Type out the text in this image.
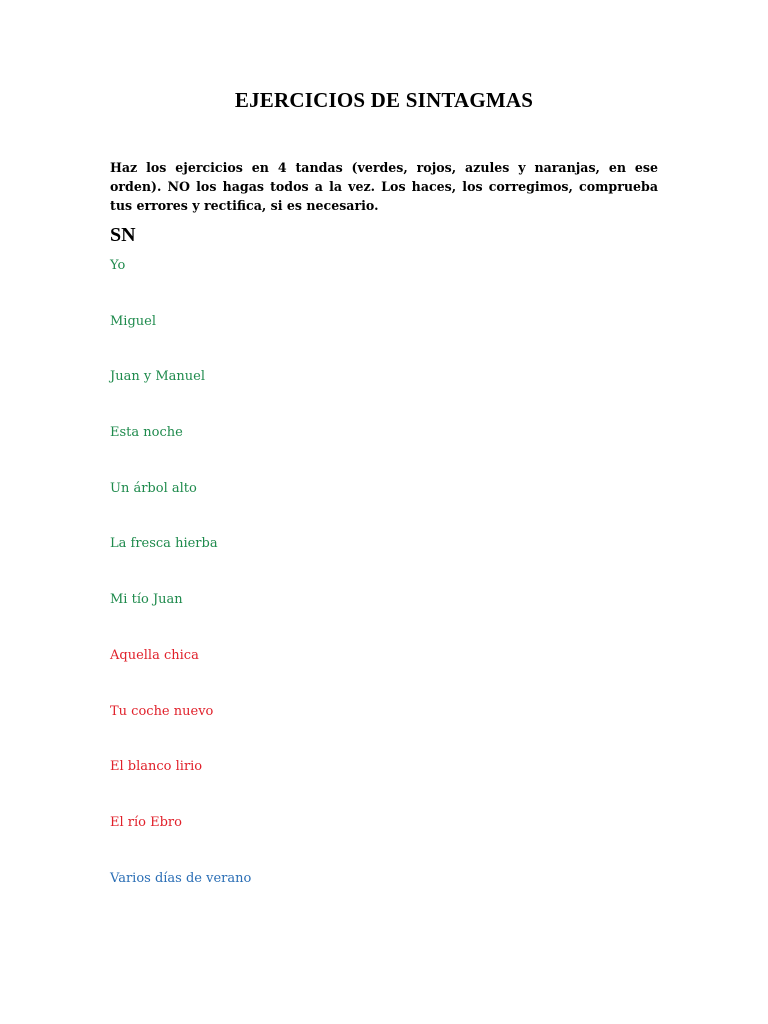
EJERCICIOS DE SINTAGMAS
Haz los ejercicios en 4 tandas (verdes, rojos, azules y naranjas, en ese orden). NO los hagas todos a la vez. Los haces, los corregimos, comprueba tus errores y rectifica, si es necesario.
SN
Yo
Miguel
Juan y Manuel
Esta noche
Un árbol alto
La fresca hierba
Mi tío Juan
Aquella chica
Tu coche nuevo
El blanco lirio
El río Ebro
Varios días de verano
